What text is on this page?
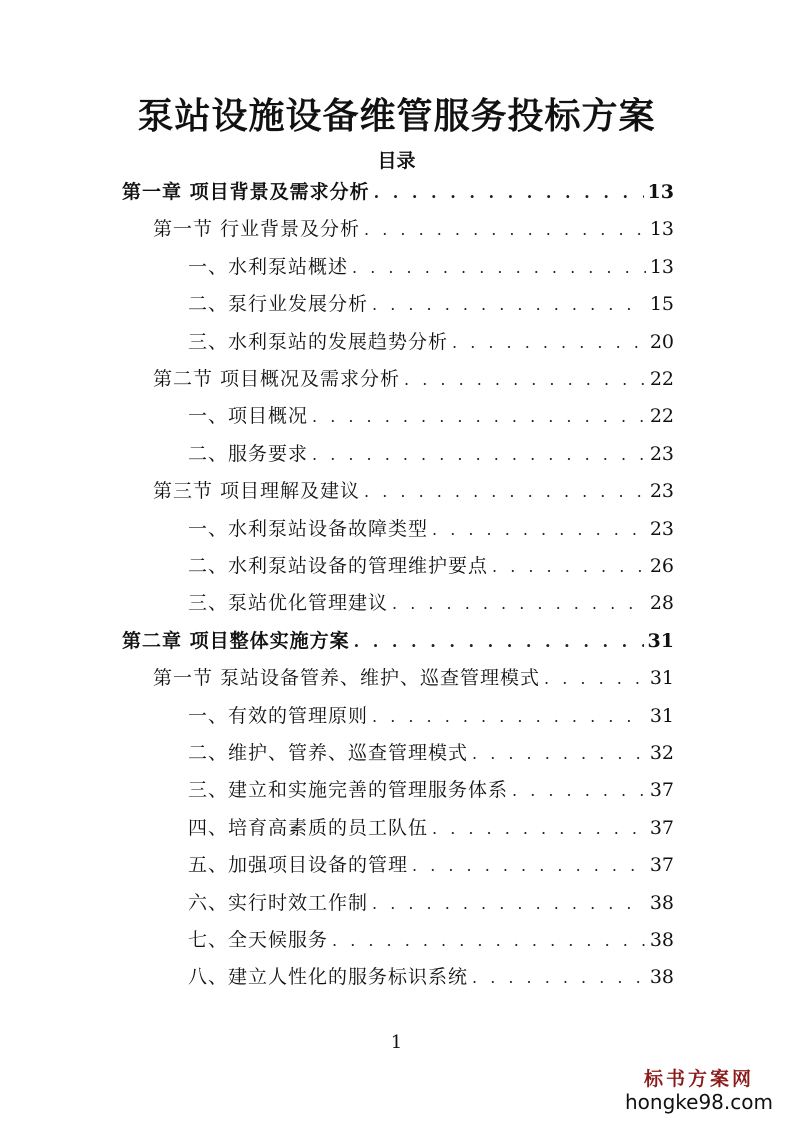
泵站设施设备维管服务投标方案
目录
第一章 项目背景及需求分析 . . .	13
第一节 行业背景及分析 . . .	13
一、水利泵站概述 . . .	13
二、泵行业发展分析 . . .	15
三、水利泵站的发展趋势分析 . . .	20
第二节 项目概况及需求分析 . . .	22
一、项目概况 . . .	22
二、服务要求 . . .	23
第三节 项目理解及建议 . . .	23
一、水利泵站设备故障类型 . . .	23
二、水利泵站设备的管理维护要点 . . .	26
三、泵站优化管理建议 . . .	28
第二章 项目整体实施方案 . . .	31
第一节 泵站设备管养、维护、巡查管理模式 . . .	31
一、有效的管理原则 . . .	31
二、维护、管养、巡查管理模式 . . .	32
三、建立和实施完善的管理服务体系 . . .	37
四、培育高素质的员工队伍 . . .	37
五、加强项目设备的管理 . . .	37
六、实行时效工作制 . . .	38
七、全天候服务 . . .	38
八、建立人性化的服务标识系统 . . .	38
1
标书方案网
hongke98.com
